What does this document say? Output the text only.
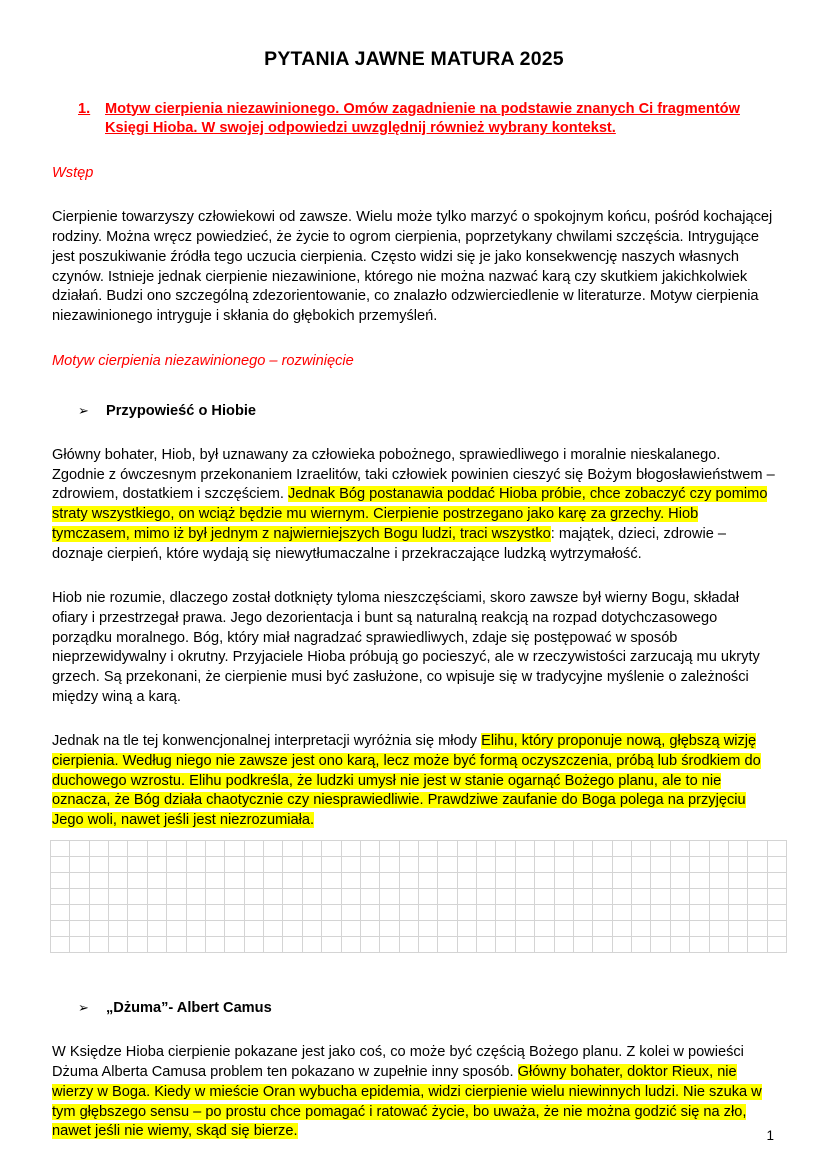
PYTANIA JAWNE MATURA 2025
1.	Motyw cierpienia niezawinionego. Omów zagadnienie na podstawie znanych Ci fragmentów Księgi Hioba. W swojej odpowiedzi uwzględnij również wybrany kontekst.
Wstęp

Cierpienie towarzyszy człowiekowi od zawsze. Wielu może tylko marzyć o spokojnym końcu, pośród kochającej rodziny. Można wręcz powiedzieć, że życie to ogrom cierpienia, poprzetykany chwilami szczęścia. Intrygujące jest poszukiwanie źródła tego uczucia cierpienia. Często widzi się je jako konsekwencję naszych własnych czynów. Istnieje jednak cierpienie niezawinione, którego nie można nazwać karą czy skutkiem jakichkolwiek działań. Budzi ono szczególną zdezorientowanie, co znalazło odzwierciedlenie w literaturze. Motyw cierpienia niezawinionego intryguje i skłania do głębokich przemyśleń.

Motyw cierpienia niezawinionego – rozwinięcie
➢	Przypowieść o Hiobie

Główny bohater, Hiob, był uznawany za człowieka pobożnego, sprawiedliwego i moralnie nieskalanego. Zgodnie z ówczesnym przekonaniem Izraelitów, taki człowiek powinien cieszyć się Bożym błogosławieństwem – zdrowiem, dostatkiem i szczęściem. Jednak Bóg postanawia poddać Hioba próbie, chce zobaczyć czy pomimo straty wszystkiego, on wciąż będzie mu wiernym. Cierpienie postrzegano jako karę za grzechy. Hiob tymczasem, mimo iż był jednym z najwierniejszych Bogu ludzi, traci wszystko: majątek, dzieci, zdrowie – doznaje cierpień, które wydają się niewytłumaczalne i przekraczające ludzką wytrzymałość.

Hiob nie rozumie, dlaczego został dotknięty tyloma nieszczęściami, skoro zawsze był wierny Bogu, składał ofiary i przestrzegał prawa. Jego dezorientacja i bunt są naturalną reakcją na rozpad dotychczasowego porządku moralnego. Bóg, który miał nagradzać sprawiedliwych, zdaje się postępować w sposób nieprzewidywalny i okrutny. Przyjaciele Hioba próbują go pocieszyć, ale w rzeczywistości zarzucają mu ukryty grzech. Są przekonani, że cierpienie musi być zasłużone, co wpisuje się w tradycyjne myślenie o zależności między winą a karą.

Jednak na tle tej konwencjonalnej interpretacji wyróżnia się młody Elihu, który proponuje nową, głębszą wizję cierpienia. Według niego nie zawsze jest ono karą, lecz może być formą oczyszczenia, próbą lub środkiem do duchowego wzrostu. Elihu podkreśla, że ludzki umysł nie jest w stanie ogarnąć Bożego planu, ale to nie oznacza, że Bóg działa chaotycznie czy niesprawiedliwie. Prawdziwe zaufanie do Boga polega na przyjęciu Jego woli, nawet jeśli jest niezrozumiała.

➢	„Dżuma”- Albert Camus

W Księdze Hioba cierpienie pokazane jest jako coś, co może być częścią Bożego planu. Z kolei w powieści Dżuma Alberta Camusa problem ten pokazano w zupełnie inny sposób. Główny bohater, doktor Rieux, nie wierzy w Boga. Kiedy w mieście Oran wybucha epidemia, widzi cierpienie wielu niewinnych ludzi. Nie szuka w tym głębszego sensu – po prostu chce pomagać i ratować życie, bo uważa, że nie można godzić się na zło, nawet jeśli nie wiemy, skąd się bierze.	1
